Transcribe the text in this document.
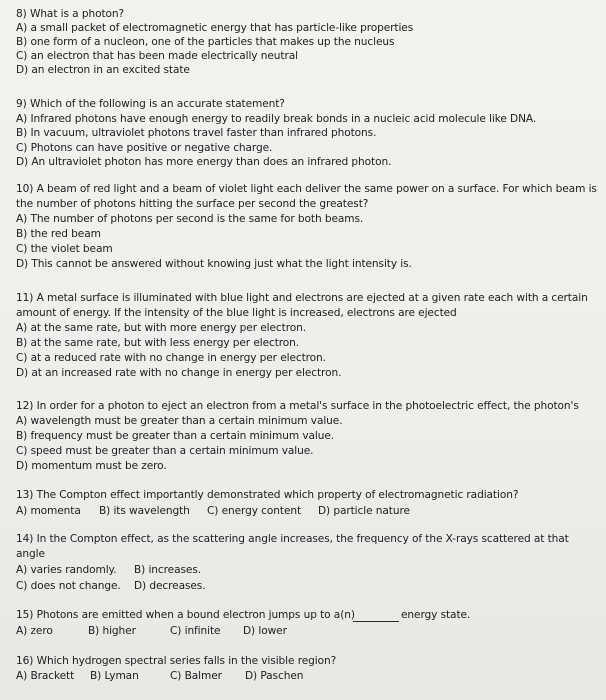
8) What is a photon?
A) a small packet of electromagnetic energy that has particle-like properties
B) one form of a nucleon, one of the particles that makes up the nucleus
C) an electron that has been made electrically neutral
D) an electron in an excited state
9) Which of the following is an accurate statement?
A) Infrared photons have enough energy to readily break bonds in a nucleic acid molecule like DNA.
B) In vacuum, ultraviolet photons travel faster than infrared photons.
C) Photons can have positive or negative charge.
D) An ultraviolet photon has more energy than does an infrared photon.
10) A beam of red light and a beam of violet light each deliver the same power on a surface. For which beam is
the number of photons hitting the surface per second the greatest?
A) The number of photons per second is the same for both beams.
B) the red beam
C) the violet beam
D) This cannot be answered without knowing just what the light intensity is.
11) A metal surface is illuminated with blue light and electrons are ejected at a given rate each with a certain
amount of energy. If the intensity of the blue light is increased, electrons are ejected
A) at the same rate, but with more energy per electron.
B) at the same rate, but with less energy per electron.
C) at a reduced rate with no change in energy per electron.
D) at an increased rate with no change in energy per electron.
12) In order for a photon to eject an electron from a metal's surface in the photoelectric effect, the photon's
A) wavelength must be greater than a certain minimum value.
B) frequency must be greater than a certain minimum value.
C) speed must be greater than a certain minimum value.
D) momentum must be zero.
13) The Compton effect importantly demonstrated which property of electromagnetic radiation?
A) momenta B) its wavelength C) energy content D) particle nature
14) In the Compton effect, as the scattering angle increases, the frequency of the X-rays scattered at that
angle
A) varies randomly. B) increases.
C) does not change. D) decreases.
15) Photons are emitted when a bound electron jumps up to a(n)	energy state.
A) zero	B) higher	C) infinite D) lower
16) Which hydrogen spectral series falls in the visible region?
A) Brackett B) Lyman	C) Balmer D) Paschen
